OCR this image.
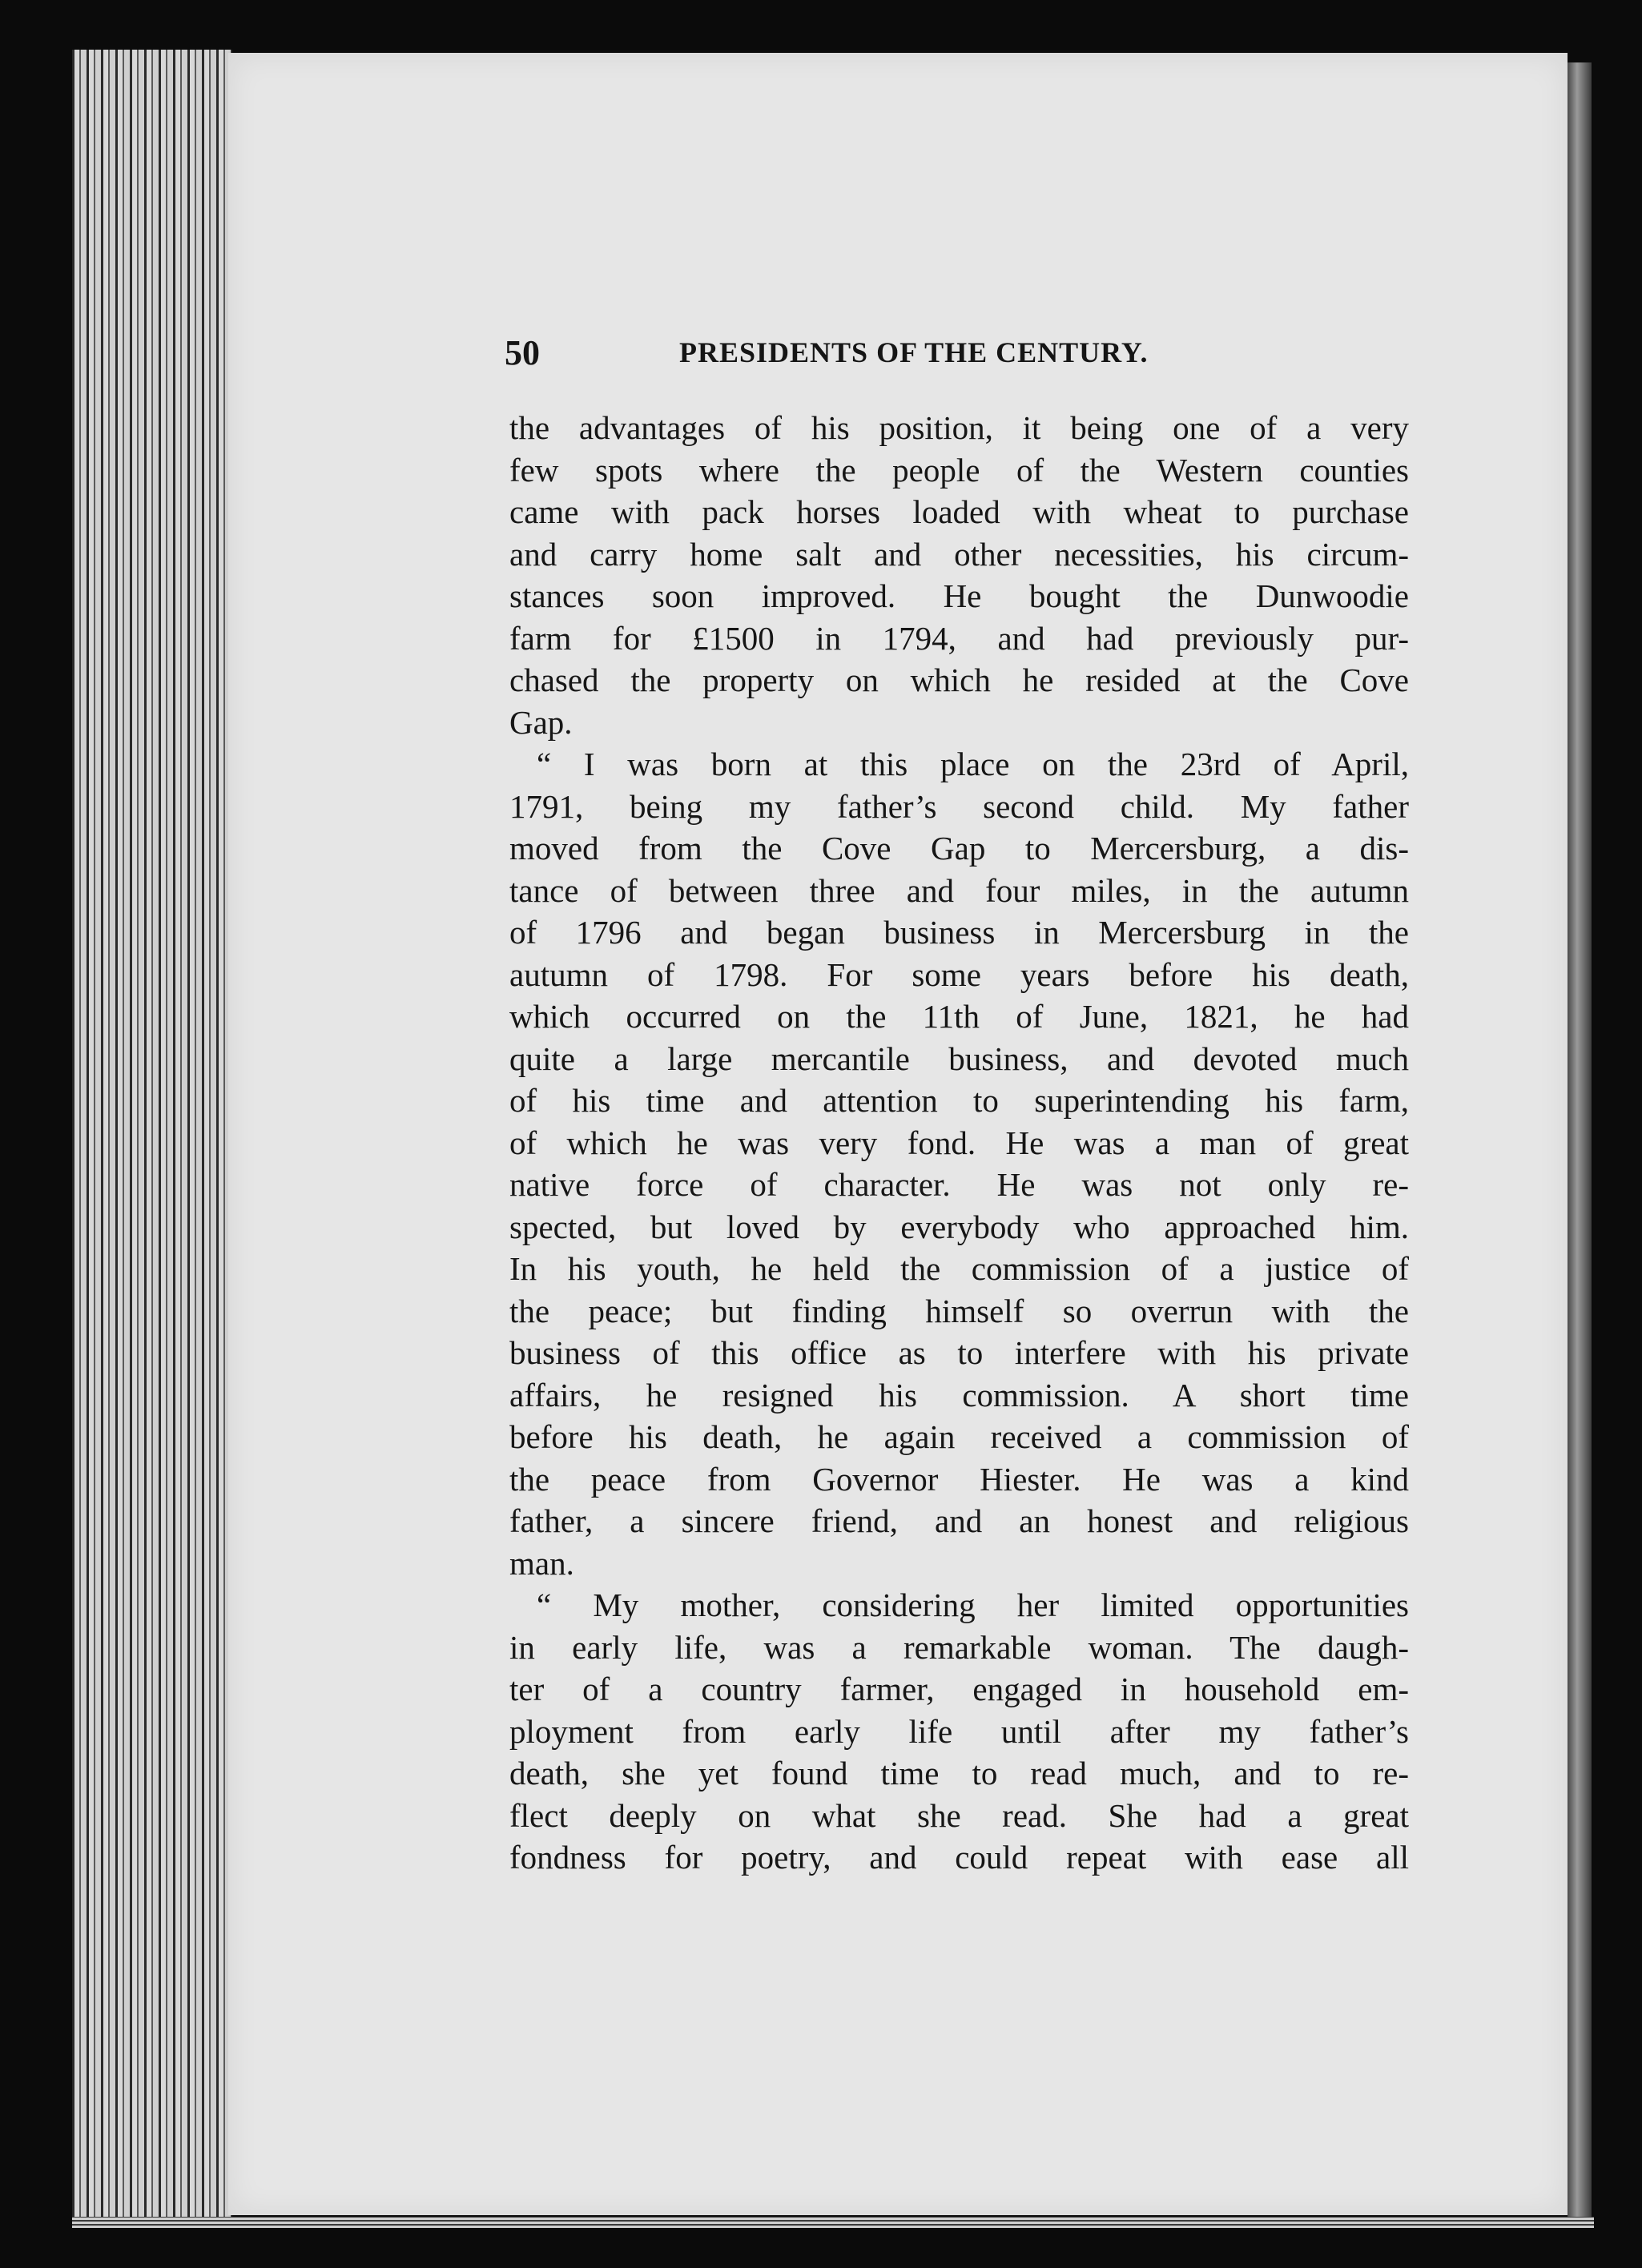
50	PRESIDENTS OF THE CENTURY.
the advantages of his position, it being one of a very
few spots where the people of the Western counties
came with pack horses loaded with wheat to purchase
and carry home salt and other necessities, his circum-
stances soon improved. He bought the Dunwoodie
farm for £1500 in 1794, and had previously pur-
chased the property on which he resided at the Cove
Gap.
“ I was born at this place on the 23rd of April,
1791, being my father’s second child. My father
moved from the Cove Gap to Mercersburg, a dis-
tance of between three and four miles, in the autumn
of 1796 and began business in Mercersburg in the
autumn of 1798. For some years before his death,
which occurred on the 11th of June, 1821, he had
quite a large mercantile business, and devoted much
of his time and attention to superintending his farm,
of which he was very fond. He was a man of great
native force of character. He was not only re-
spected, but loved by everybody who approached him.
In his youth, he held the commission of a justice of
the peace; but finding himself so overrun with the
business of this office as to interfere with his private
affairs, he resigned his commission. A short time
before his death, he again received a commission of
the peace from Governor Hiester. He was a kind
father, a sincere friend, and an honest and religious
man.
“ My mother, considering her limited opportunities
in early life, was a remarkable woman. The daugh-
ter of a country farmer, engaged in household em-
ployment from early life until after my father’s
death, she yet found time to read much, and to re-
flect deeply on what she read. She had a great
fondness for poetry, and could repeat with ease all
